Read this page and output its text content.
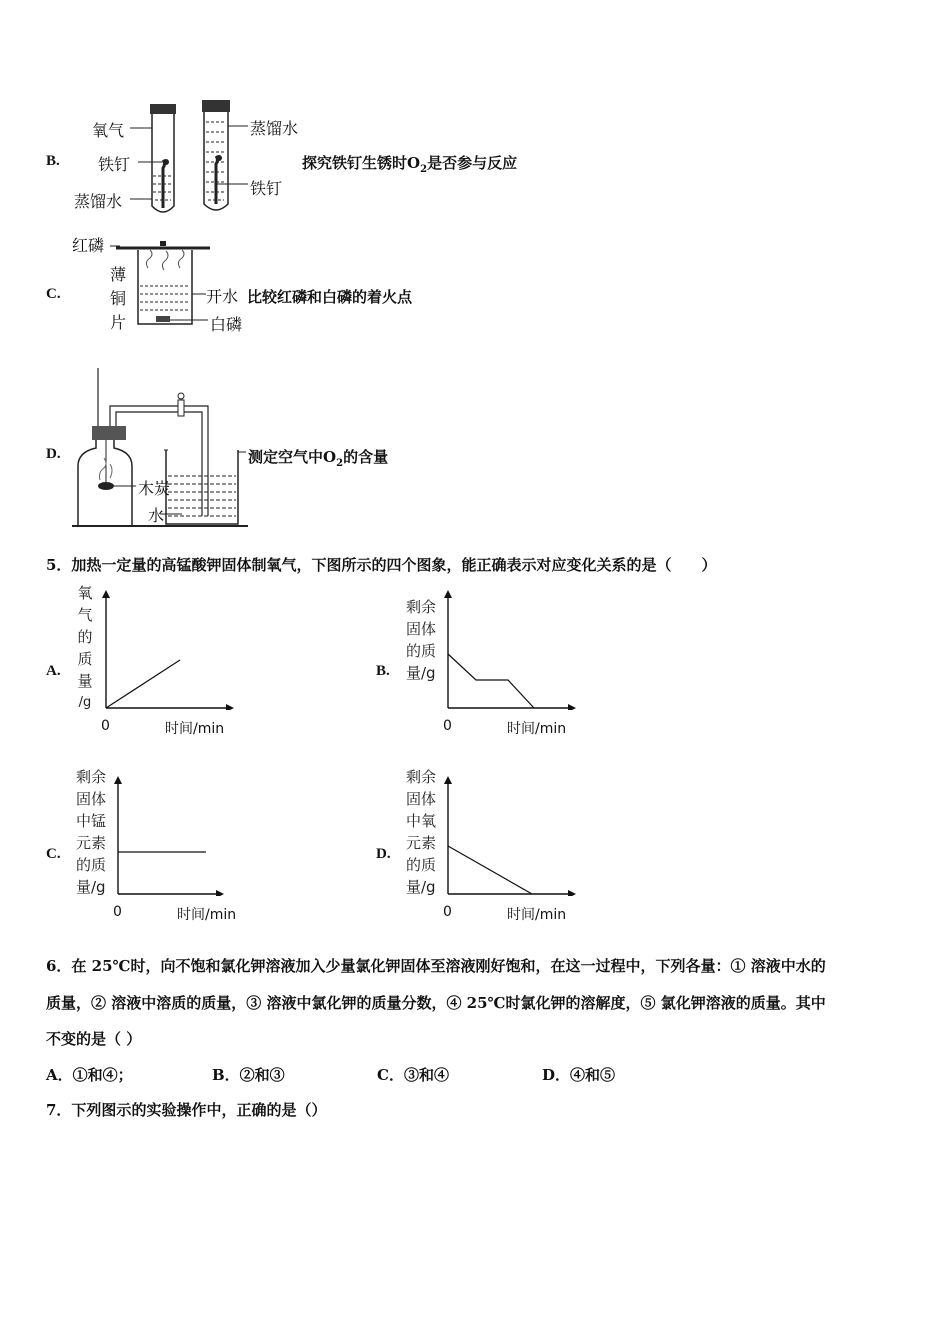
B.
氧气
铁钉
蒸馏水
蒸馏水
铁钉
探究铁钉生锈时$O_2$是否参与反应
C.
红磷
薄
铜
片
开水
白磷
比较红磷和白磷的着火点
D.
木炭
水
测定空气中$O_2$的含量
5．加热一定量的高锰酸钾固体制氧气，下图所示的四个图象，能正确表示对应变化关系的是（　　）
A.
氧
气
的
质
量
/g
0	时间/min
B.
剩余
固体
的质
量/g
0	时间/min
C.
剩余
固体
中锰
元素
的质
量/g
0	时间/min
D.
剩余
固体
中氧
元素
的质
量/g
0	时间/min
6．在 25℃时，向不饱和氯化钾溶液加入少量氯化钾固体至溶液刚好饱和，在这一过程中，下列各量：① 溶液中水的
质量，② 溶液中溶质的质量，③ 溶液中氯化钾的质量分数，④ 25℃时氯化钾的溶解度，⑤ 氯化钾溶液的质量。其中
不变的是（ ）
A．①和④；	B．②和③	C．③和④	D．④和⑤
7．下列图示的实验操作中，正确的是（）
